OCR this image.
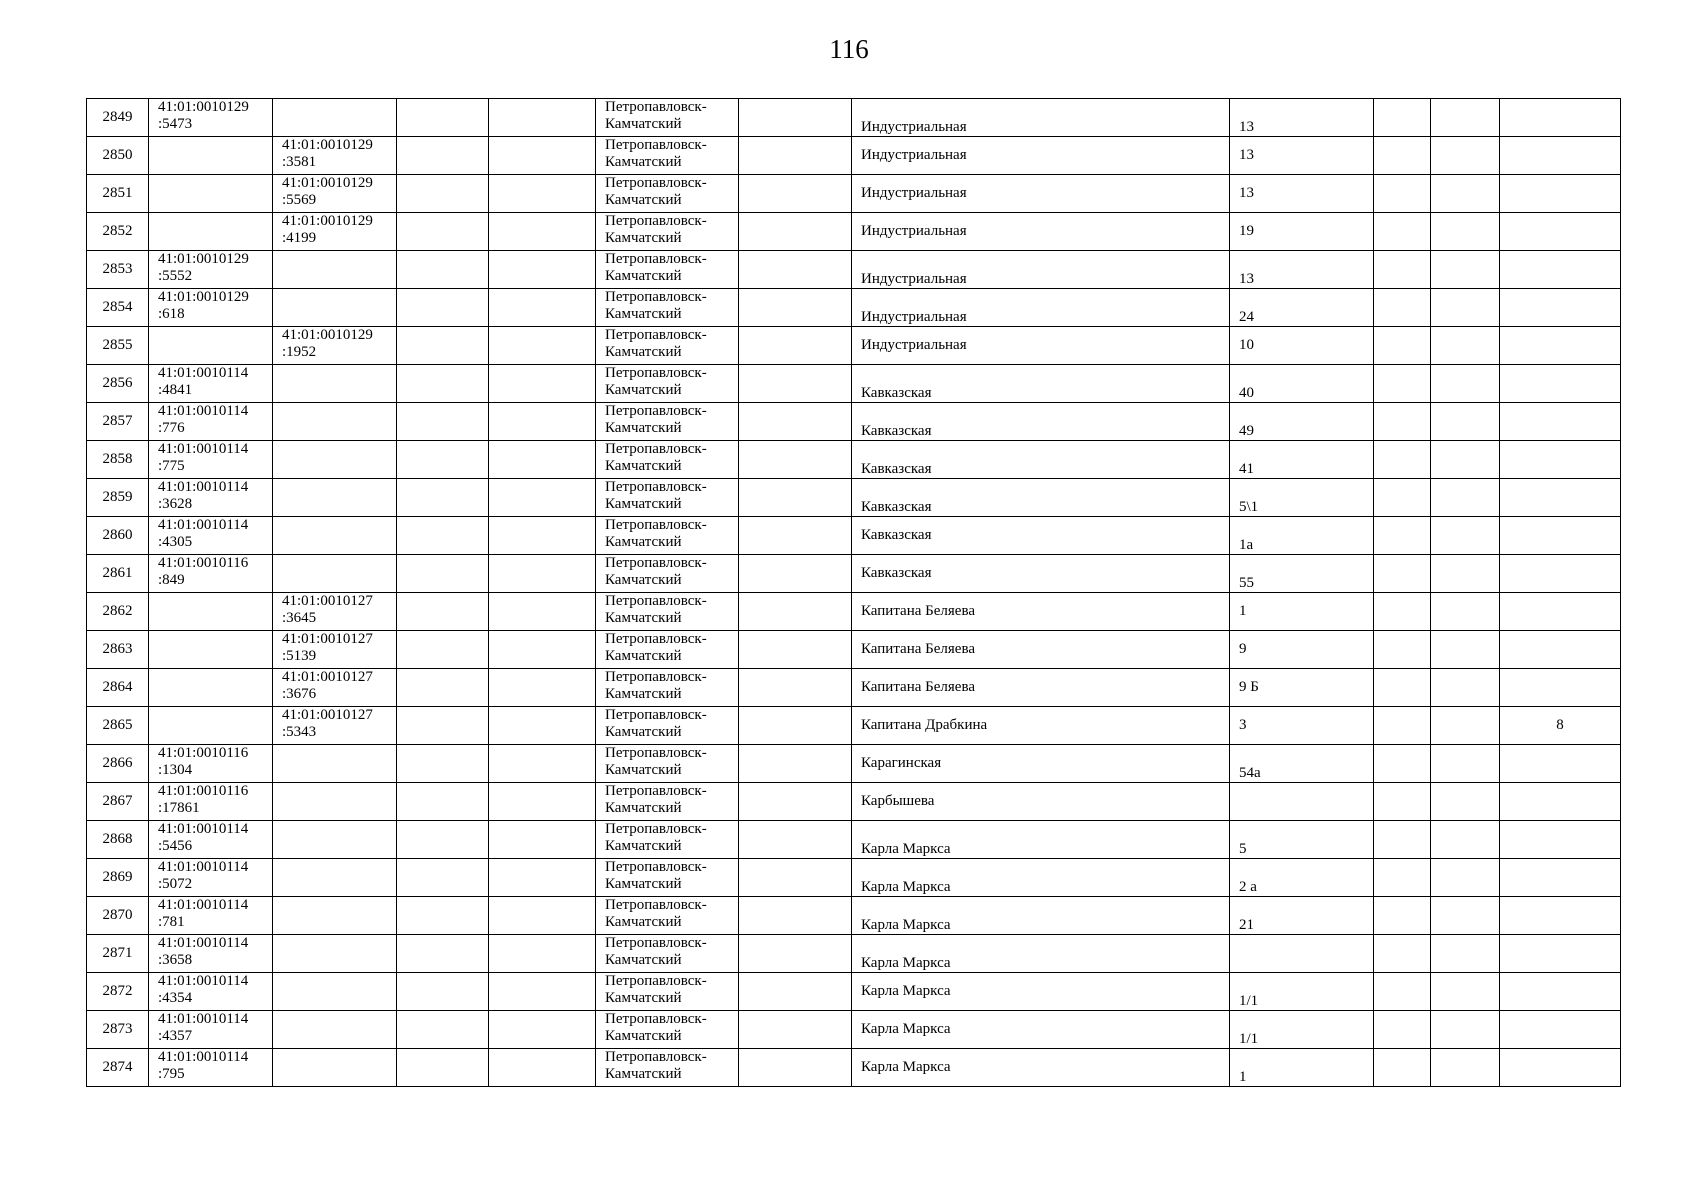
116
2849	41:01:0010129
:5473				Петропавловск-
Камчатский		Индустриальная	13			
2850		41:01:0010129
:3581			Петропавловск-
Камчатский		Индустриальная	13			
2851		41:01:0010129
:5569			Петропавловск-
Камчатский		Индустриальная	13			
2852		41:01:0010129
:4199			Петропавловск-
Камчатский		Индустриальная	19			
2853	41:01:0010129
:5552				Петропавловск-
Камчатский		Индустриальная	13			
2854	41:01:0010129
:618				Петропавловск-
Камчатский		Индустриальная	24			
2855		41:01:0010129
:1952			Петропавловск-
Камчатский		Индустриальная	10			
2856	41:01:0010114
:4841				Петропавловск-
Камчатский		Кавказская	40			
2857	41:01:0010114
:776				Петропавловск-
Камчатский		Кавказская	49			
2858	41:01:0010114
:775				Петропавловск-
Камчатский		Кавказская	41			
2859	41:01:0010114
:3628				Петропавловск-
Камчатский		Кавказская	5\1			
2860	41:01:0010114
:4305				Петропавловск-
Камчатский		Кавказская	1а			
2861	41:01:0010116
:849				Петропавловск-
Камчатский		Кавказская	55			
2862		41:01:0010127
:3645			Петропавловск-
Камчатский		Капитана Беляева	1			
2863		41:01:0010127
:5139			Петропавловск-
Камчатский		Капитана Беляева	9			
2864		41:01:0010127
:3676			Петропавловск-
Камчатский		Капитана Беляева	9 Б			
2865		41:01:0010127
:5343			Петропавловск-
Камчатский		Капитана Драбкина	3			8
2866	41:01:0010116
:1304				Петропавловск-
Камчатский		Карагинская	54а			
2867	41:01:0010116
:17861				Петропавловск-
Камчатский		Карбышева				
2868	41:01:0010114
:5456				Петропавловск-
Камчатский		Карла Маркса	5			
2869	41:01:0010114
:5072				Петропавловск-
Камчатский		Карла Маркса	2 а			
2870	41:01:0010114
:781				Петропавловск-
Камчатский		Карла Маркса	21			
2871	41:01:0010114
:3658				Петропавловск-
Камчатский		Карла Маркса				
2872	41:01:0010114
:4354				Петропавловск-
Камчатский		Карла Маркса	1/1			
2873	41:01:0010114
:4357				Петропавловск-
Камчатский		Карла Маркса	1/1			
2874	41:01:0010114
:795				Петропавловск-
Камчатский		Карла Маркса	1			
